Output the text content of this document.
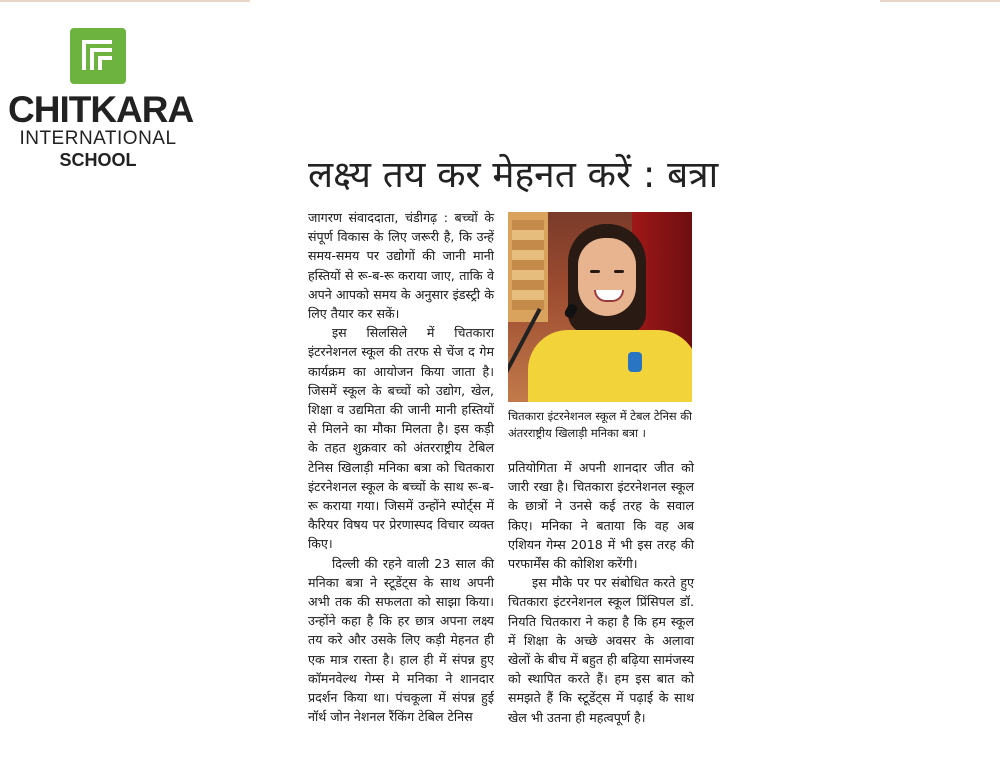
CHITKARA
INTERNATIONAL
SCHOOL	लक्ष्य तय कर मेहनत करें : बत्रा

जागरण संवाददाता, चंडीगढ़ : बच्चों के संपूर्ण विकास के लिए जरूरी है, कि उन्हें समय-समय पर उद्योगों की जानी मानी हस्तियों से रू-ब-रू कराया जाए, ताकि वे अपने आपको समय के अनुसार इंडस्ट्री के लिए तैयार कर सकें।

इस सिलसिले में चितकारा इंटरनेशनल स्कूल की तरफ से चेंज द गेम कार्यक्रम का आयोजन किया जाता है। जिसमें स्कूल के बच्चों को उद्योग, खेल, शिक्षा व उद्यमिता की जानी मानी हस्तियों से मिलने का मौका मिलता है। इस कड़ी के तहत शुक्रवार को अंतरराष्ट्रीय टेबिल टेनिस खिलाड़ी मनिका बत्रा को चितकारा इंटरनेशनल स्कूल के बच्चों के साथ रू-ब-रू कराया गया। जिसमें उन्होंने स्पोर्ट्स में कैरियर विषय पर प्रेरणास्पद विचार व्यक्त किए।

दिल्ली की रहने वाली 23 साल की मनिका बत्रा ने स्टूडेंट्स के साथ अपनी अभी तक की सफलता को साझा किया। उन्होंने कहा है कि हर छात्र अपना लक्ष्य तय करे और उसके लिए कड़ी मेहनत ही एक मात्र रास्ता है। हाल ही में संपन्न हुए कॉमनवेल्थ गेम्स मे मनिका ने शानदार प्रदर्शन किया था। पंचकूला में संपन्न हुई नॉर्थ जोन नेशनल रैंकिंग टेबिल टेनिस

चितकारा इंटरनेशनल स्कूल में टेबल टेनिस की अंतरराष्ट्रीय खिलाड़ी मनिका बत्रा ।

प्रतियोगिता में अपनी शानदार जीत को जारी रखा है। चितकारा इंटरनेशनल स्कूल के छात्रों ने उनसे कई तरह के सवाल किए। मनिका ने बताया कि वह अब एशियन गेम्स 2018 में भी इस तरह की परफार्मेंस की कोशिश करेंगी।

इस मौके पर पर संबोधित करते हुए चितकारा इंटरनेशनल स्कूल प्रिंसिपल डॉ. नियति चितकारा ने कहा है कि हम स्कूल में शिक्षा के अच्छे अवसर के अलावा खेलों के बीच में बहुत ही बढ़िया सामंजस्य को स्थापित करते हैं। हम इस बात को समझते हैं कि स्टूडेंट्स में पढ़ाई के साथ खेल भी उतना ही महत्वपूर्ण है।
